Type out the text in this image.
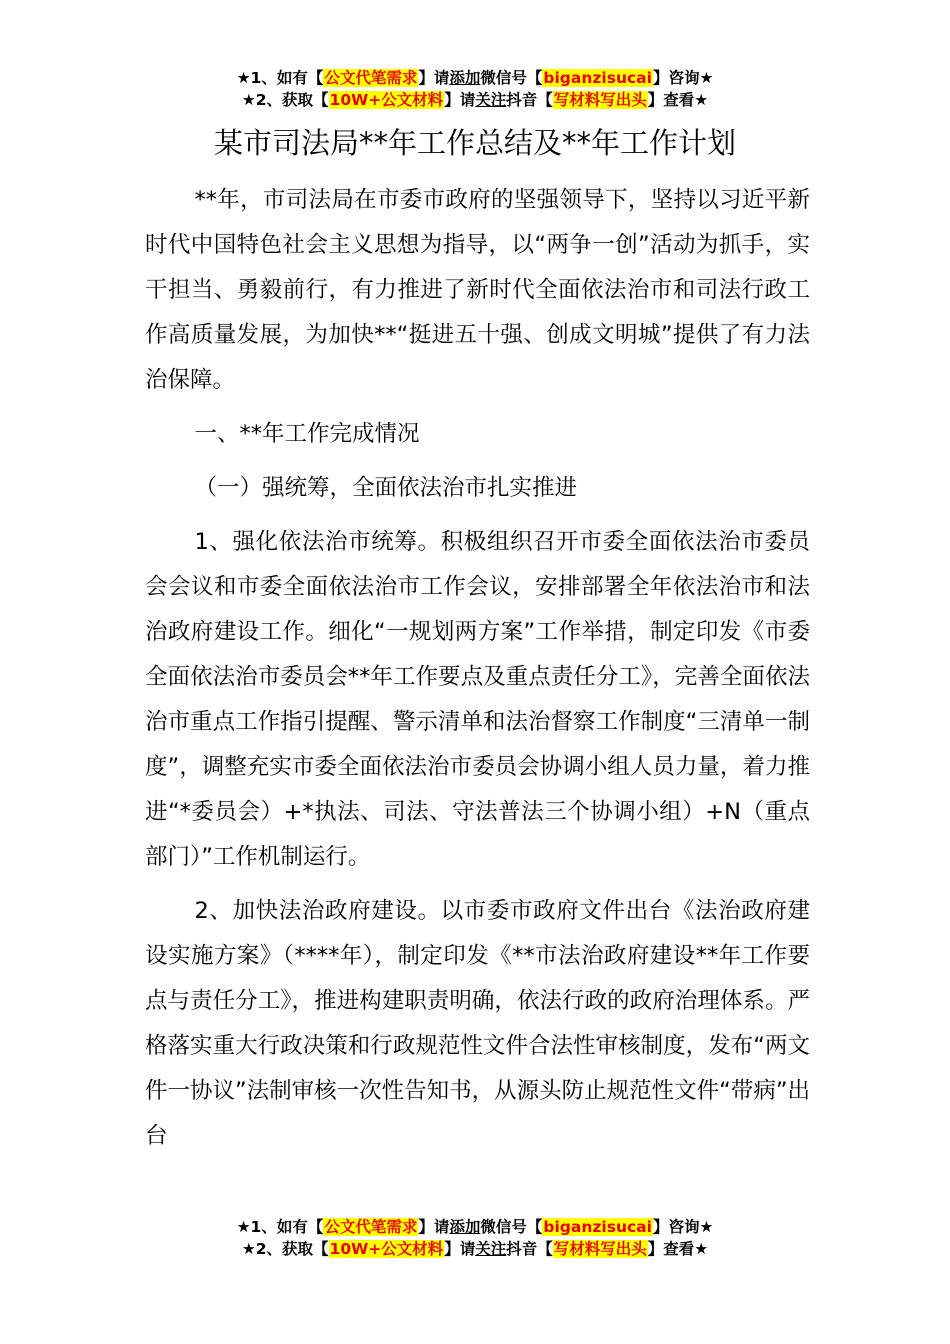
★1、如有【公文代笔需求】请添加微信号【biganzisucai】咨询★
★2、获取【10W+公文材料】请关注抖音【写材料写出头】查看★
某市司法局**年工作总结及**年工作计划

**年，市司法局在市委市政府的坚强领导下，坚持以习近平新时代中国特色社会主义思想为指导，以“两争一创”活动为抓手，实干担当、勇毅前行，有力推进了新时代全面依法治市和司法行政工作高质量发展，为加快**“挺进五十强、创成文明城”提供了有力法治保障。

一、**年工作完成情况

（一）强统筹，全面依法治市扎实推进

1、强化依法治市统筹。积极组织召开市委全面依法治市委员会会议和市委全面依法治市工作会议，安排部署全年依法治市和法治政府建设工作。细化“一规划两方案”工作举措，制定印发《市委全面依法治市委员会**年工作要点及重点责任分工》，完善全面依法治市重点工作指引提醒、警示清单和法治督察工作制度“三清单一制度”，调整充实市委全面依法治市委员会协调小组人员力量，着力推进“*委员会）+*执法、司法、守法普法三个协调小组）+N（重点部门）”工作机制运行。

2、加快法治政府建设。以市委市政府文件出台《法治政府建设实施方案》（****年），制定印发《**市法治政府建设**年工作要点与责任分工》，推进构建职责明确，依法行政的政府治理体系。严格落实重大行政决策和行政规范性文件合法性审核制度，发布“两文件一协议”法制审核一次性告知书，从源头防止规范性文件“带病”出台

★1、如有【公文代笔需求】请添加微信号【biganzisucai】咨询★
★2、获取【10W+公文材料】请关注抖音【写材料写出头】查看★
